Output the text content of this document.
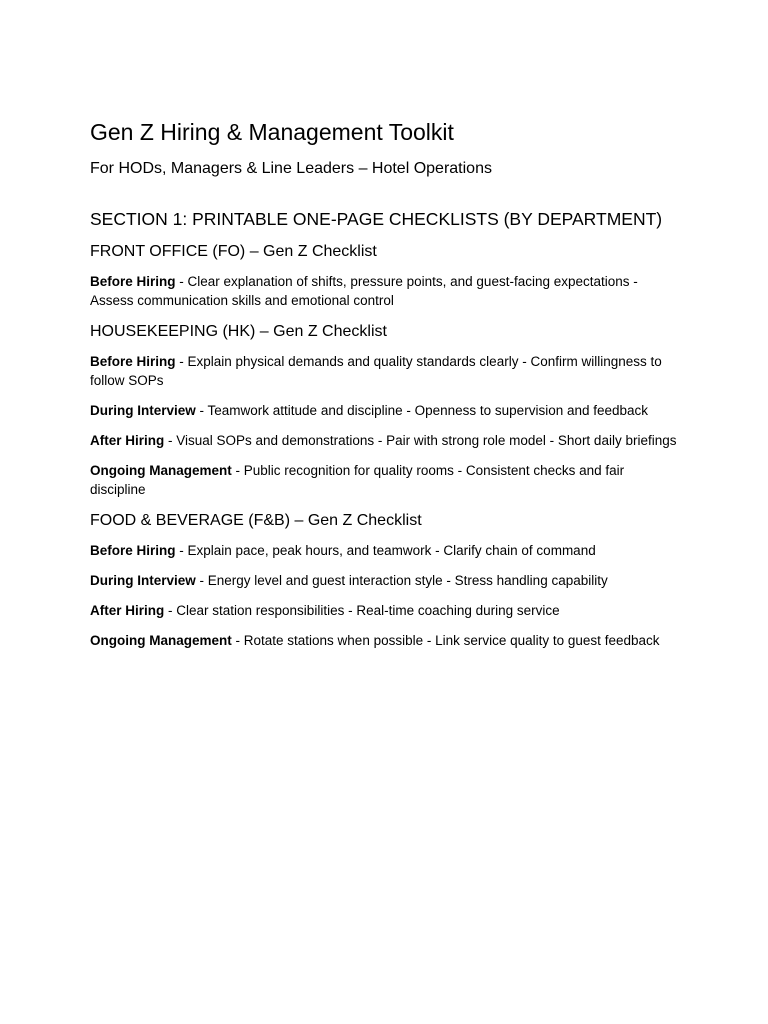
Gen Z Hiring & Management Toolkit
For HODs, Managers & Line Leaders – Hotel Operations
SECTION 1: PRINTABLE ONE-PAGE CHECKLISTS (BY DEPARTMENT)
FRONT OFFICE (FO) – Gen Z Checklist

Before Hiring - Clear explanation of shifts, pressure points, and guest-facing expectations - Assess communication skills and emotional control

HOUSEKEEPING (HK) – Gen Z Checklist

Before Hiring - Explain physical demands and quality standards clearly - Confirm willingness to follow SOPs

During Interview - Teamwork attitude and discipline - Openness to supervision and feedback

After Hiring - Visual SOPs and demonstrations - Pair with strong role model - Short daily briefings

Ongoing Management - Public recognition for quality rooms - Consistent checks and fair discipline

FOOD & BEVERAGE (F&B) – Gen Z Checklist

Before Hiring - Explain pace, peak hours, and teamwork - Clarify chain of command

During Interview - Energy level and guest interaction style - Stress handling capability

After Hiring - Clear station responsibilities - Real-time coaching during service

Ongoing Management - Rotate stations when possible - Link service quality to guest feedback
